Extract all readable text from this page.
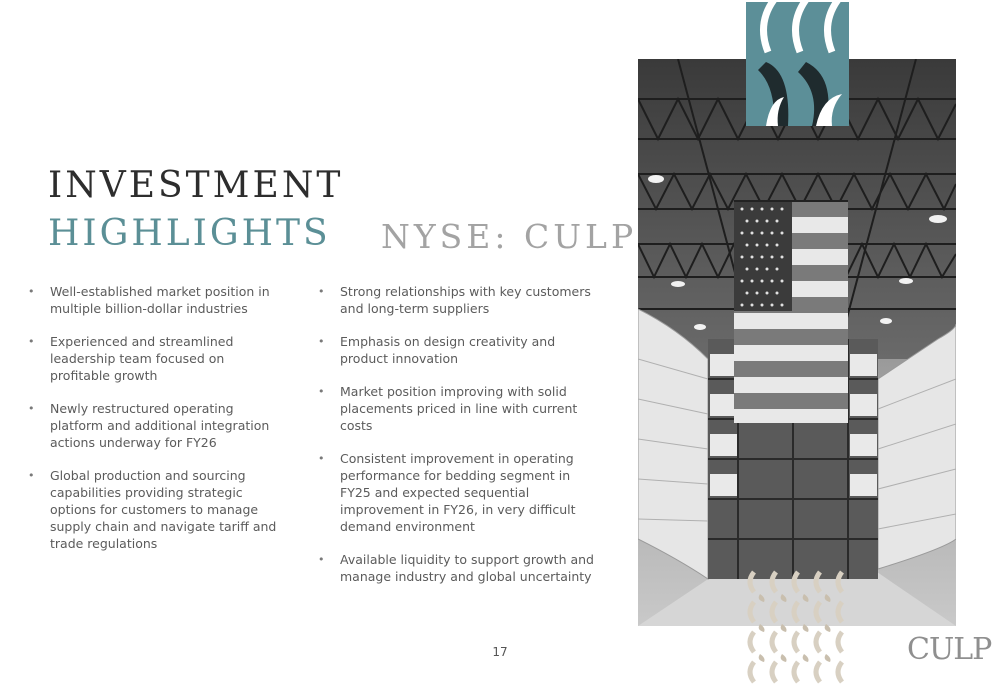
INVESTMENT
HIGHLIGHTS NYSE: CULP
• Well-established market position in multiple billion-dollar industries
• Experienced and streamlined leadership team focused on profitable growth
• Newly restructured operating platform and additional integration actions underway for FY26
• Global production and sourcing capabilities providing strategic options for customers to manage supply chain and navigate tariff and trade regulations
• Strong relationships with key customers and long-term suppliers
• Emphasis on design creativity and product innovation
• Market position improving with solid placements priced in line with current costs
• Consistent improvement in operating performance for bedding segment in FY25 and expected sequential improvement in FY26, in very difficult demand environment
• Available liquidity to support growth and manage industry and global uncertainty
17	CULP
